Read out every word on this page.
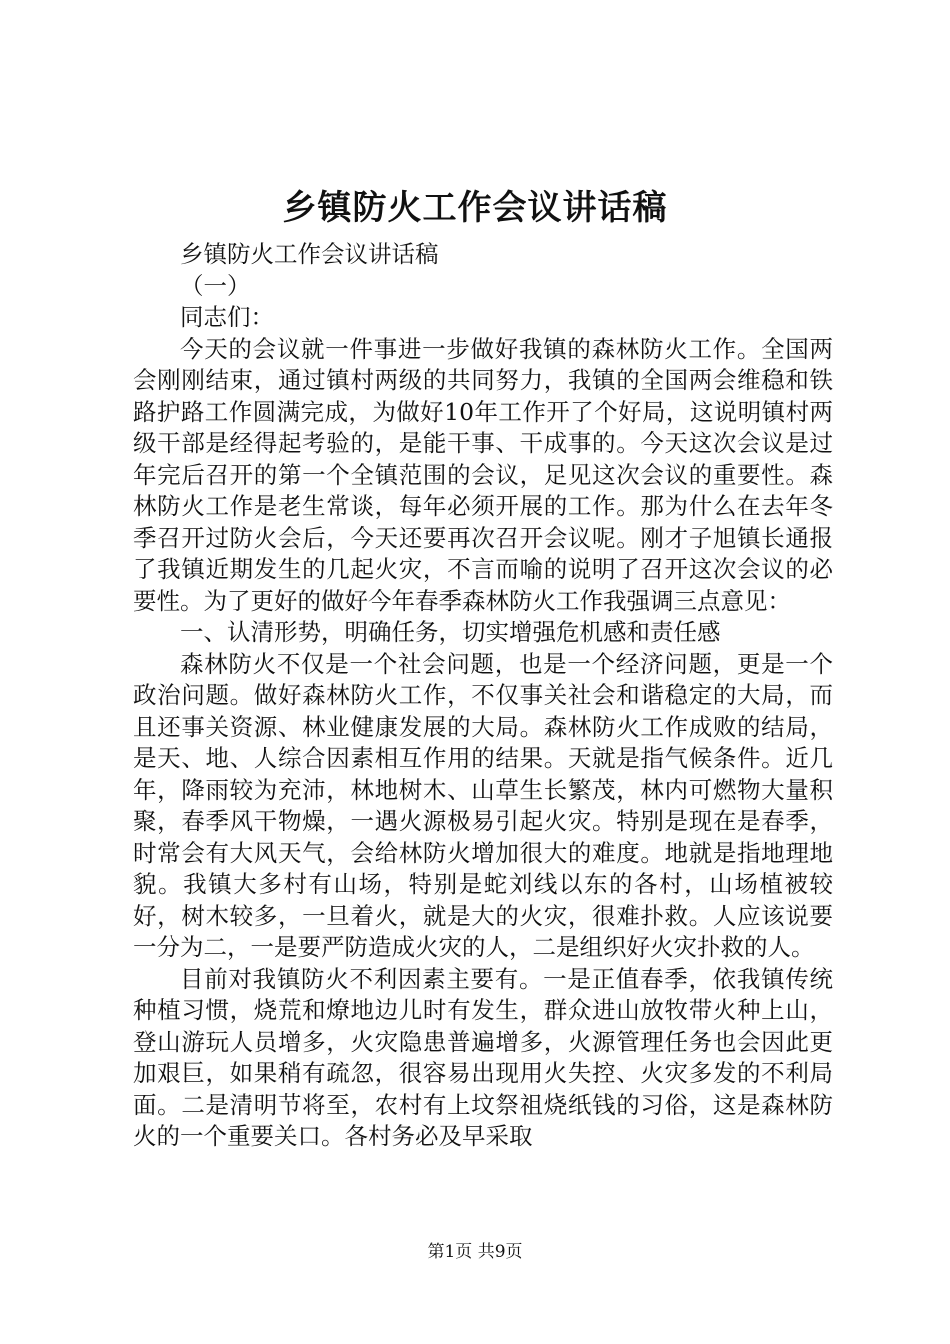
乡镇防火工作会议讲话稿

乡镇防火工作会议讲话稿

（一）

同志们：

今天的会议就一件事进一步做好我镇的森林防火工作。全国两会刚刚结束，通过镇村两级的共同努力，我镇的全国两会维稳和铁路护路工作圆满完成，为做好10年工作开了个好局，这说明镇村两级干部是经得起考验的，是能干事、干成事的。今天这次会议是过年完后召开的第一个全镇范围的会议，足见这次会议的重要性。森林防火工作是老生常谈，每年必须开展的工作。那为什么在去年冬季召开过防火会后，今天还要再次召开会议呢。刚才子旭镇长通报了我镇近期发生的几起火灾，不言而喻的说明了召开这次会议的必要性。为了更好的做好今年春季森林防火工作我强调三点意见：

一、认清形势，明确任务，切实增强危机感和责任感

森林防火不仅是一个社会问题，也是一个经济问题，更是一个政治问题。做好森林防火工作，不仅事关社会和谐稳定的大局，而且还事关资源、林业健康发展的大局。森林防火工作成败的结局，是天、地、人综合因素相互作用的结果。天就是指气候条件。近几年，降雨较为充沛，林地树木、山草生长繁茂，林内可燃物大量积聚，春季风干物燥，一遇火源极易引起火灾。特别是现在是春季，时常会有大风天气，会给林防火增加很大的难度。地就是指地理地貌。我镇大多村有山场，特别是蛇刘线以东的各村，山场植被较好，树木较多，一旦着火，就是大的火灾，很难扑救。人应该说要一分为二，一是要严防造成火灾的人，二是组织好火灾扑救的人。

目前对我镇防火不利因素主要有。一是正值春季，依我镇传统种植习惯，烧荒和燎地边儿时有发生，群众进山放牧带火种上山，登山游玩人员增多，火灾隐患普遍增多，火源管理任务也会因此更加艰巨，如果稍有疏忽，很容易出现用火失控、火灾多发的不利局面。二是清明节将至，农村有上坟祭祖烧纸钱的习俗，这是森林防火的一个重要关口。各村务必及早采取

第1页 共9页
